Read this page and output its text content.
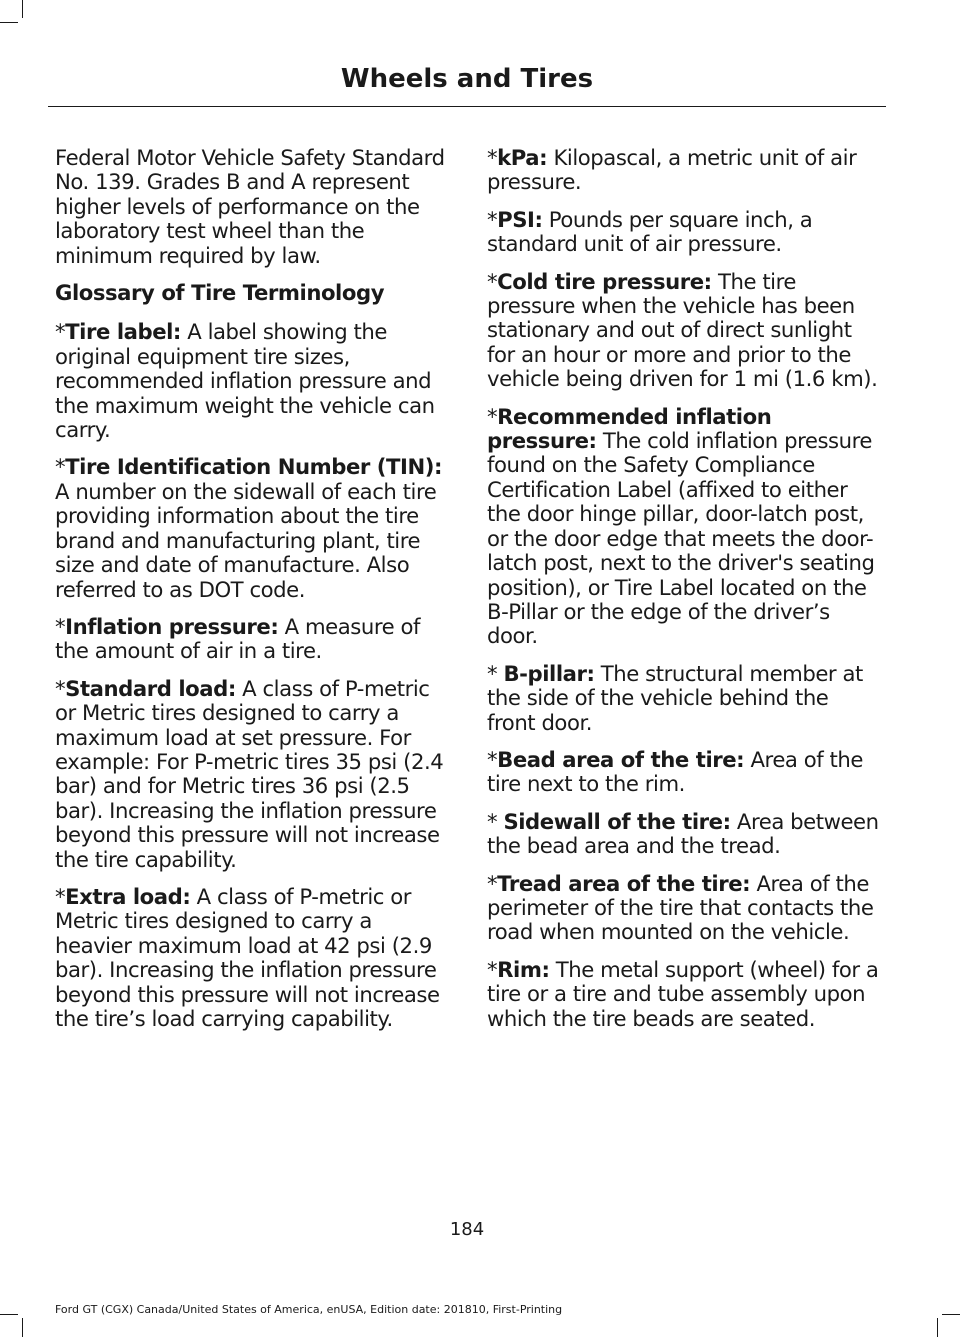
Wheels and Tires

Federal Motor Vehicle Safety Standard No. 139. Grades B and A represent higher levels of performance on the laboratory test wheel than the minimum required by law.

Glossary of Tire Terminology

*Tire label: A label showing the original equipment tire sizes, recommended inflation pressure and the maximum weight the vehicle can carry.

*Tire Identification Number (TIN): A number on the sidewall of each tire providing information about the tire brand and manufacturing plant, tire size and date of manufacture. Also referred to as DOT code.

*Inflation pressure: A measure of the amount of air in a tire.

*Standard load: A class of P-metric or Metric tires designed to carry a maximum load at set pressure. For example: For P-metric tires 35 psi (2.4 bar) and for Metric tires 36 psi (2.5 bar). Increasing the inflation pressure beyond this pressure will not increase the tire capability.

*Extra load: A class of P-metric or Metric tires designed to carry a heavier maximum load at 42 psi (2.9 bar). Increasing the inflation pressure beyond this pressure will not increase the tire’s load carrying capability.

*kPa: Kilopascal, a metric unit of air pressure.

*PSI: Pounds per square inch, a standard unit of air pressure.

*Cold tire pressure: The tire pressure when the vehicle has been stationary and out of direct sunlight for an hour or more and prior to the vehicle being driven for 1 mi (1.6 km).

*Recommended inflation pressure: The cold inflation pressure found on the Safety Compliance Certification Label (affixed to either the door hinge pillar, door-latch post, or the door edge that meets the door-latch post, next to the driver's seating position), or Tire Label located on the B-Pillar or the edge of the driver’s door.

* B-pillar: The structural member at the side of the vehicle behind the front door.

*Bead area of the tire: Area of the tire next to the rim.

* Sidewall of the tire: Area between the bead area and the tread.

*Tread area of the tire: Area of the perimeter of the tire that contacts the road when mounted on the vehicle.

*Rim: The metal support (wheel) for a tire or a tire and tube assembly upon which the tire beads are seated.

184
Ford GT (CGX) Canada/United States of America, enUSA, Edition date: 201810, First-Printing
